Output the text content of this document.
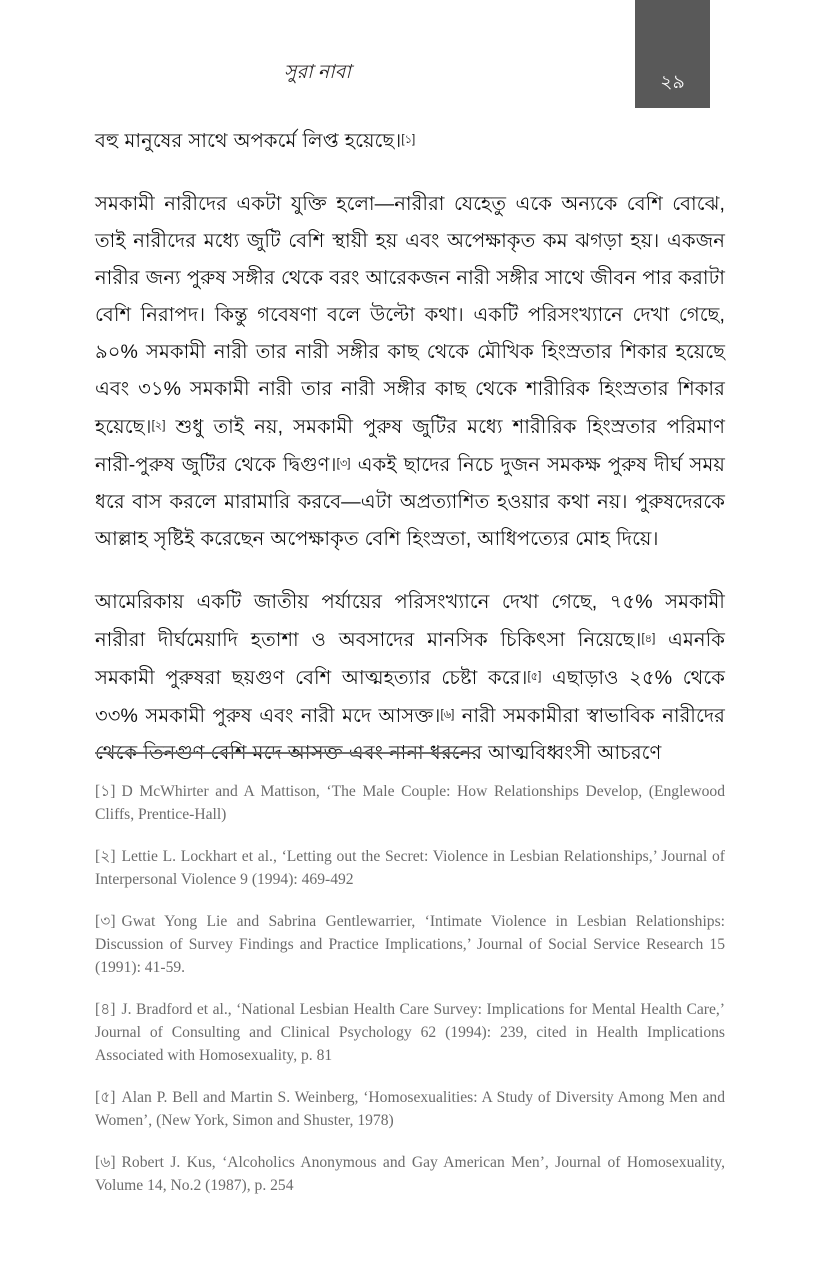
সুরা নাবা	২৯

বহু মানুষের সাথে অপকর্মে লিপ্ত হয়েছে।[১]

সমকামী নারীদের একটা যুক্তি হলো—নারীরা যেহেতু একে অন্যকে বেশি বোঝে, তাই নারীদের মধ্যে জুটি বেশি স্থায়ী হয় এবং অপেক্ষাকৃত কম ঝগড়া হয়। একজন নারীর জন্য পুরুষ সঙ্গীর থেকে বরং আরেকজন নারী সঙ্গীর সাথে জীবন পার করাটা বেশি নিরাপদ। কিন্তু গবেষণা বলে উল্টো কথা। একটি পরিসংখ্যানে দেখা গেছে, ৯০% সমকামী নারী তার নারী সঙ্গীর কাছ থেকে মৌখিক হিংস্রতার শিকার হয়েছে এবং ৩১% সমকামী নারী তার নারী সঙ্গীর কাছ থেকে শারীরিক হিংস্রতার শিকার হয়েছে।[২] শুধু তাই নয়, সমকামী পুরুষ জুটির মধ্যে শারীরিক হিংস্রতার পরিমাণ নারী-পুরুষ জুটির থেকে দ্বিগুণ।[৩] একই ছাদের নিচে দুজন সমকক্ষ পুরুষ দীর্ঘ সময় ধরে বাস করলে মারামারি করবে—এটা অপ্রত্যাশিত হওয়ার কথা নয়। পুরুষদেরকে আল্লাহ সৃষ্টিই করেছেন অপেক্ষাকৃত বেশি হিংস্রতা, আধিপত্যের মোহ দিয়ে।

আমেরিকায় একটি জাতীয় পর্যায়ের পরিসংখ্যানে দেখা গেছে, ৭৫% সমকামী নারীরা দীর্ঘমেয়াদি হতাশা ও অবসাদের মানসিক চিকিৎসা নিয়েছে।[৪] এমনকি সমকামী পুরুষরা ছয়গুণ বেশি আত্মহত্যার চেষ্টা করে।[৫] এছাড়াও ২৫% থেকে ৩৩% সমকামী পুরুষ এবং নারী মদে আসক্ত।[৬] নারী সমকামীরা স্বাভাবিক নারীদের থেকে তিনগুণ বেশি মদে আসক্ত এবং নানা ধরনের আত্মবিধ্বংসী আচরণে

[১] D McWhirter and A Mattison, ‘The Male Couple: How Relationships Develop, (Englewood Cliffs, Prentice-Hall)

[২] Lettie L. Lockhart et al., ‘Letting out the Secret: Violence in Lesbian Relationships,’ Journal of Interpersonal Violence 9 (1994): 469-492

[৩] Gwat Yong Lie and Sabrina Gentlewarrier, ‘Intimate Violence in Lesbian Relationships: Discussion of Survey Findings and Practice Implications,’ Journal of Social Service Research 15 (1991): 41-59.

[৪] J. Bradford et al., ‘National Lesbian Health Care Survey: Implications for Mental Health Care,’ Journal of Consulting and Clinical Psychology 62 (1994): 239, cited in Health Implications Associated with Homosexuality, p. 81

[৫] Alan P. Bell and Martin S. Weinberg, ‘Homosexualities: A Study of Diversity Among Men and Women’, (New York, Simon and Shuster, 1978)

[৬] Robert J. Kus, ‘Alcoholics Anonymous and Gay American Men’, Journal of Homosexuality, Volume 14, No.2 (1987), p. 254
